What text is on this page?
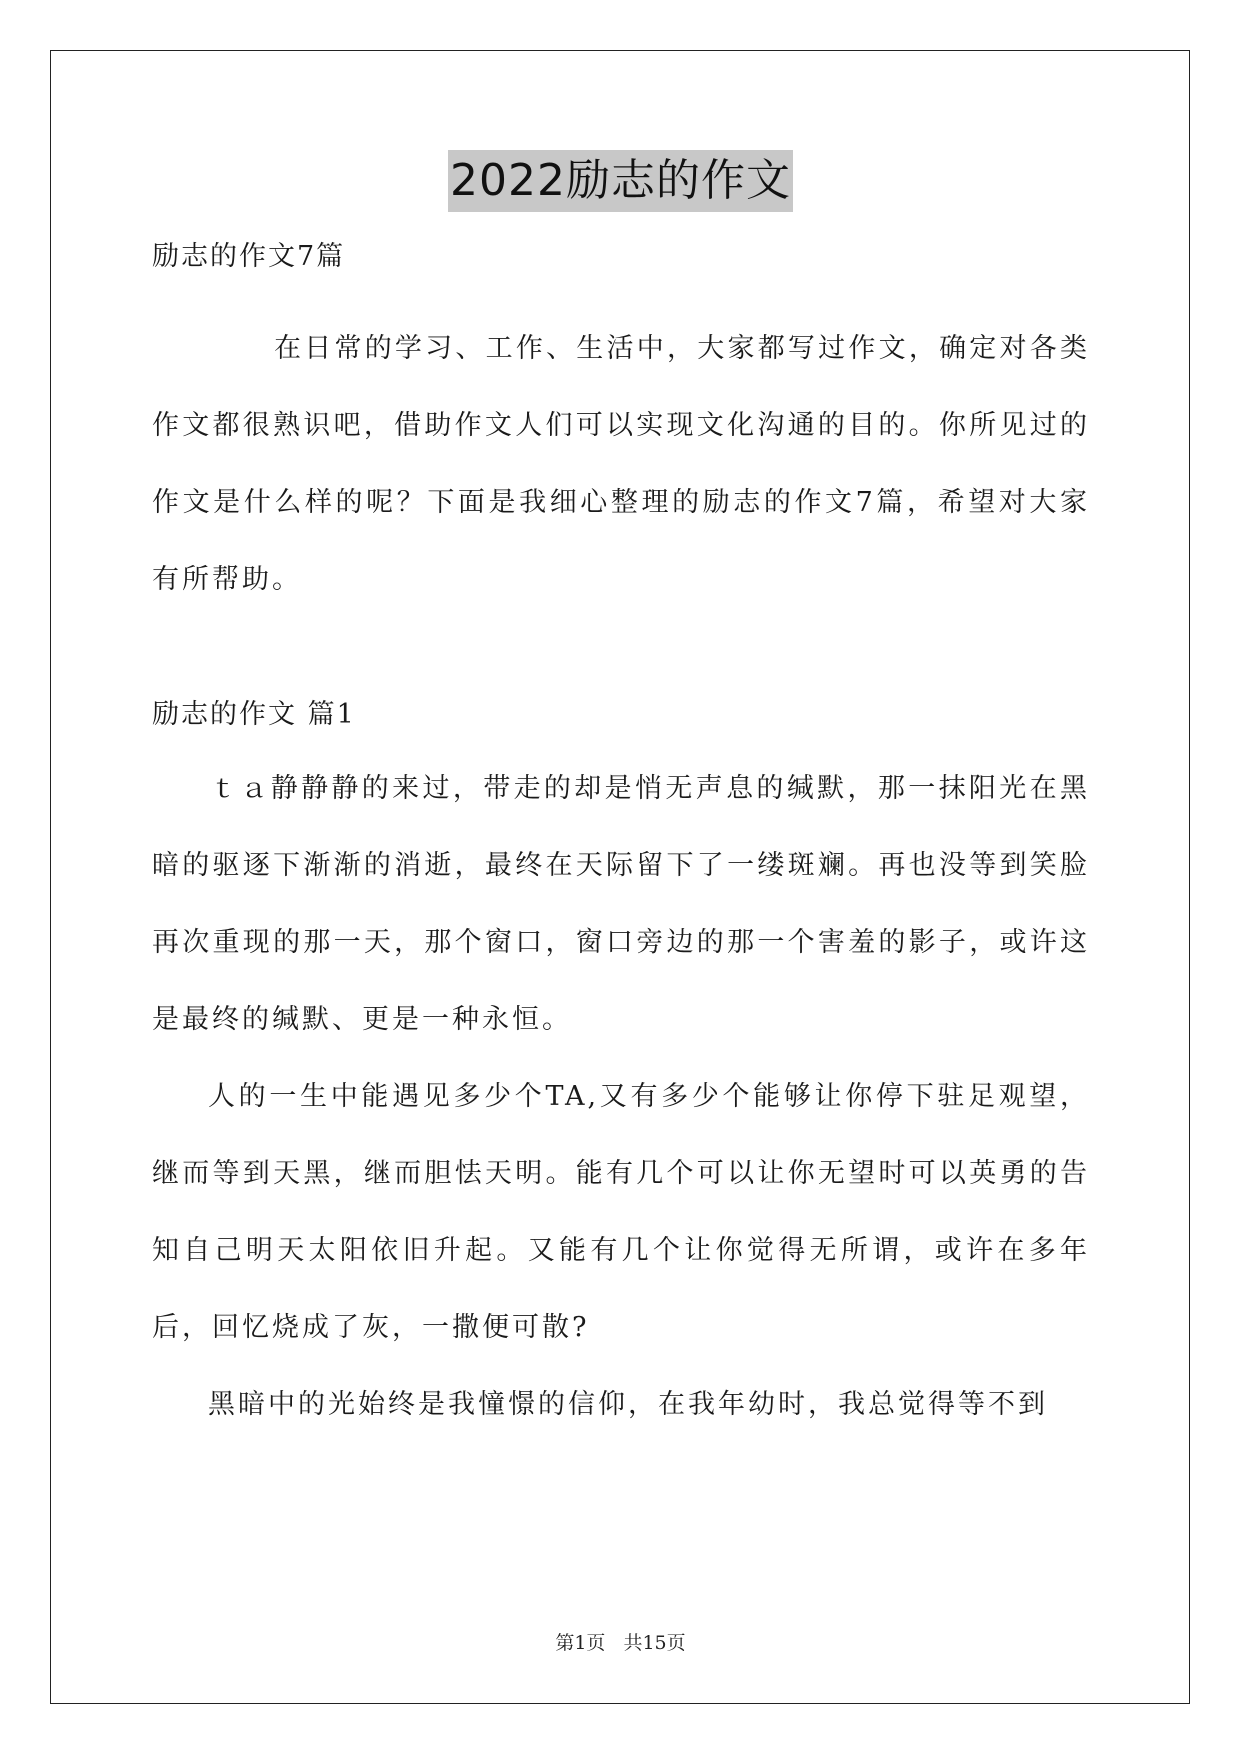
2022励志的作文

励志的作文7篇

在日常的学习、工作、生活中，大家都写过作文，确定对各类作文都很熟识吧，借助作文人们可以实现文化沟通的目的。你所见过的作文是什么样的呢？下面是我细心整理的励志的作文7篇，希望对大家有所帮助。

励志的作文 篇1

ｔａ静静静的来过，带走的却是悄无声息的缄默，那一抹阳光在黑暗的驱逐下渐渐的消逝，最终在天际留下了一缕斑斓。再也没等到笑脸再次重现的那一天，那个窗口，窗口旁边的那一个害羞的影子，或许这是最终的缄默、更是一种永恒。

人的一生中能遇见多少个TA,又有多少个能够让你停下驻足观望，继而等到天黑，继而胆怯天明。能有几个可以让你无望时可以英勇的告知自己明天太阳依旧升起。又能有几个让你觉得无所谓，或许在多年后，回忆烧成了灰，一撒便可散?

黑暗中的光始终是我憧憬的信仰，在我年幼时，我总觉得等不到

第1页 共15页
